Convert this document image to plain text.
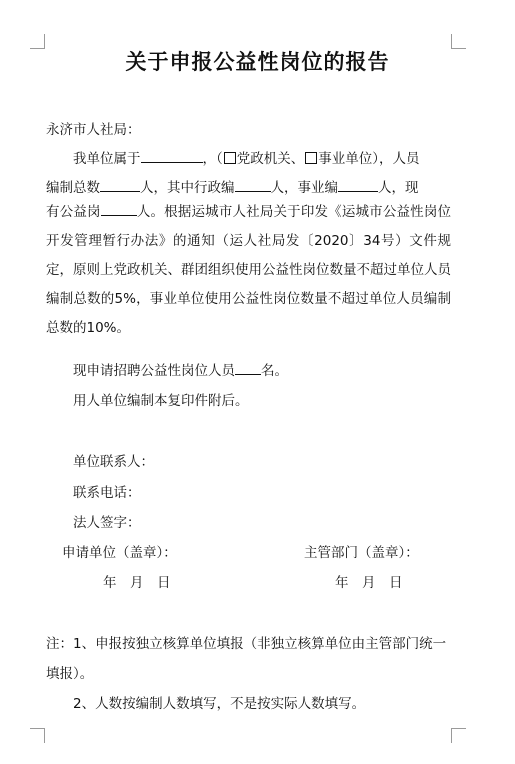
关于申报公益性岗位的报告
永济市人社局：
我单位属于	，（ 党政机关、 事业单位），人员
编制总数	人，其中行政编	人，事业编	人，现
有公益岗	人。根据运城市人社局关于印发《运城市公益性岗位开发管理暂行办法》的通知（运人社局发〔2020〕34号）文件规定，原则上党政机关、群团组织使用公益性岗位数量不超过单位人员编制总数的5%，事业单位使用公益性岗位数量不超过单位人员编制总数的10%。
现申请招聘公益性岗位人员 名。
用人单位编制本复印件附后。
单位联系人：
联系电话：
法人签字：
申请单位（盖章）：	主管部门（盖章）：
年　月　日	年　月　日
注：1、申报按独立核算单位填报（非独立核算单位由主管部门统一
填报）。
2、人数按编制人数填写，不是按实际人数填写。
